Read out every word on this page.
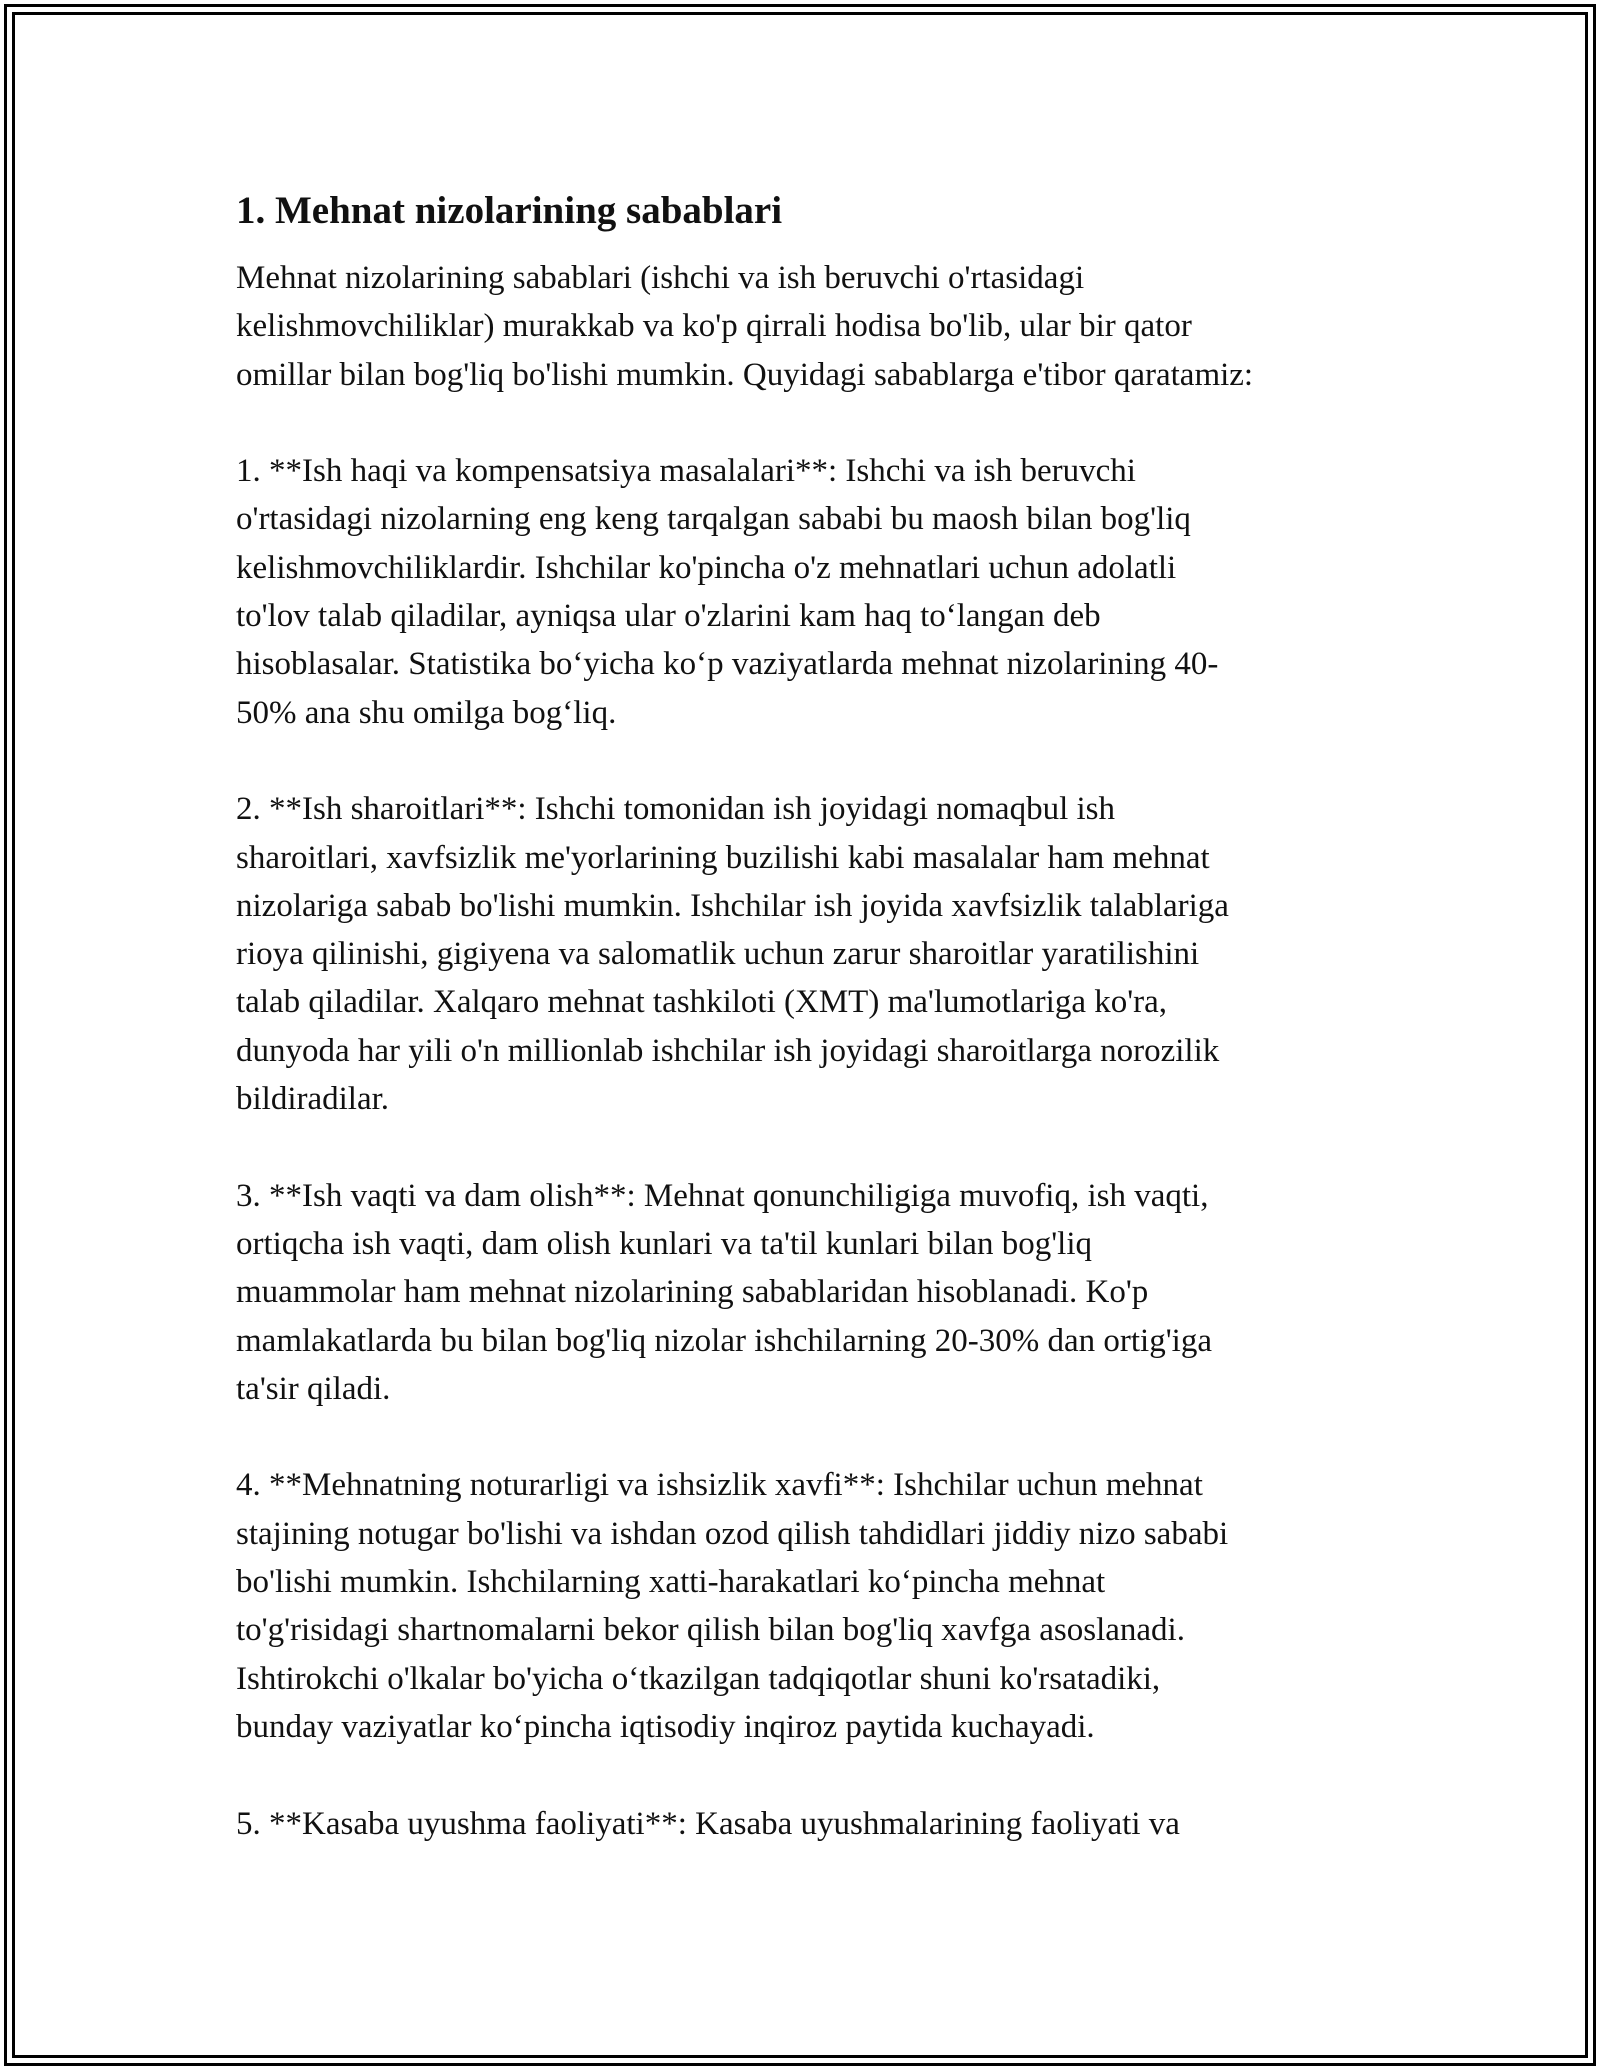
1. Mehnat nizolarining sabablari

Mehnat nizolarining sabablari (ishchi va ish beruvchi o'rtasidagi
kelishmovchiliklar) murakkab va ko'p qirrali hodisa bo'lib, ular bir qator
omillar bilan bog'liq bo'lishi mumkin. Quyidagi sabablarga e'tibor qaratamiz:

1. **Ish haqi va kompensatsiya masalalari**: Ishchi va ish beruvchi
o'rtasidagi nizolarning eng keng tarqalgan sababi bu maosh bilan bog'liq
kelishmovchiliklardir. Ishchilar ko'pincha o'z mehnatlari uchun adolatli
to'lov talab qiladilar, ayniqsa ular o'zlarini kam haq to‘langan deb
hisoblasalar. Statistika bo‘yicha ko‘p vaziyatlarda mehnat nizolarining 40-
50% ana shu omilga bog‘liq.

2. **Ish sharoitlari**: Ishchi tomonidan ish joyidagi nomaqbul ish
sharoitlari, xavfsizlik me'yorlarining buzilishi kabi masalalar ham mehnat
nizolariga sabab bo'lishi mumkin. Ishchilar ish joyida xavfsizlik talablariga
rioya qilinishi, gigiyena va salomatlik uchun zarur sharoitlar yaratilishini
talab qiladilar. Xalqaro mehnat tashkiloti (XMT) ma'lumotlariga ko'ra,
dunyoda har yili o'n millionlab ishchilar ish joyidagi sharoitlarga norozilik
bildiradilar.

3. **Ish vaqti va dam olish**: Mehnat qonunchiligiga muvofiq, ish vaqti,
ortiqcha ish vaqti, dam olish kunlari va ta'til kunlari bilan bog'liq
muammolar ham mehnat nizolarining sabablaridan hisoblanadi. Ko'p
mamlakatlarda bu bilan bog'liq nizolar ishchilarning 20-30% dan ortig'iga
ta'sir qiladi.

4. **Mehnatning noturarligi va ishsizlik xavfi**: Ishchilar uchun mehnat
stajining notugar bo'lishi va ishdan ozod qilish tahdidlari jiddiy nizo sababi
bo'lishi mumkin. Ishchilarning xatti-harakatlari ko‘pincha mehnat
to'g'risidagi shartnomalarni bekor qilish bilan bog'liq xavfga asoslanadi.
Ishtirokchi o'lkalar bo'yicha o‘tkazilgan tadqiqotlar shuni ko'rsatadiki,
bunday vaziyatlar ko‘pincha iqtisodiy inqiroz paytida kuchayadi.

5. **Kasaba uyushma faoliyati**: Kasaba uyushmalarining faoliyati va
